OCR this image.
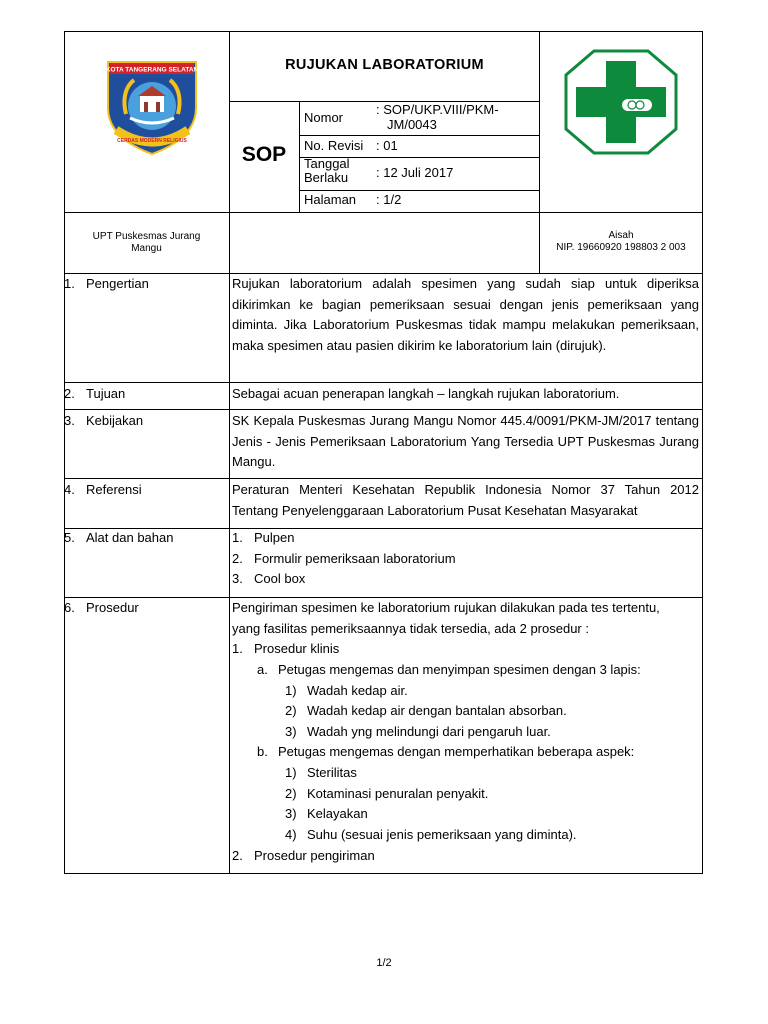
KOTA TANGERANG SELATAN
CERDAS MODERN RELIGIUS
RUJUKAN LABORATORIUM
SOP
Nomor
: SOP/UKP.VIII/PKM-
JM/0043
No. Revisi : 01
Tanggal
Berlaku : 12 Juli 2017
Halaman : 1/2
UPT Puskesmas Jurang
Mangu
Aisah
NIP. 19660920 198803 2 003
1. Pengertian	Rujukan laboratorium adalah spesimen yang sudah siap untuk diperiksa dikirimkan ke bagian pemeriksaan sesuai dengan jenis pemeriksaan yang diminta. Jika Laboratorium Puskesmas tidak mampu melakukan pemeriksaan, maka spesimen atau pasien dikirim ke laboratorium lain (dirujuk).
2. Tujuan	Sebagai acuan penerapan langkah – langkah rujukan laboratorium.
3. Kebijakan	SK Kepala Puskesmas Jurang Mangu Nomor 445.4/0091/PKM-JM/2017 tentang Jenis - Jenis Pemeriksaan Laboratorium Yang Tersedia UPT Puskesmas Jurang Mangu.
4. Referensi	Peraturan Menteri Kesehatan Republik Indonesia Nomor 37 Tahun 2012
Tentang Penyelenggaraan Laboratorium Pusat Kesehatan Masyarakat
5. Alat dan bahan	1. Pulpen
2. Formulir pemeriksaan laboratorium
3. Cool box
6. Prosedur	Pengiriman spesimen ke laboratorium rujukan dilakukan pada tes tertentu,
yang fasilitas pemeriksaannya tidak tersedia, ada 2 prosedur :
1. Prosedur klinis
a. Petugas mengemas dan menyimpan spesimen dengan 3 lapis:
1) Wadah kedap air.
2) Wadah kedap air dengan bantalan absorban.
3) Wadah yng melindungi dari pengaruh luar.
b. Petugas mengemas dengan memperhatikan beberapa aspek:
1) Sterilitas
2) Kotaminasi penuralan penyakit.
3) Kelayakan
4) Suhu (sesuai jenis pemeriksaan yang diminta).
2. Prosedur pengiriman
1/2
